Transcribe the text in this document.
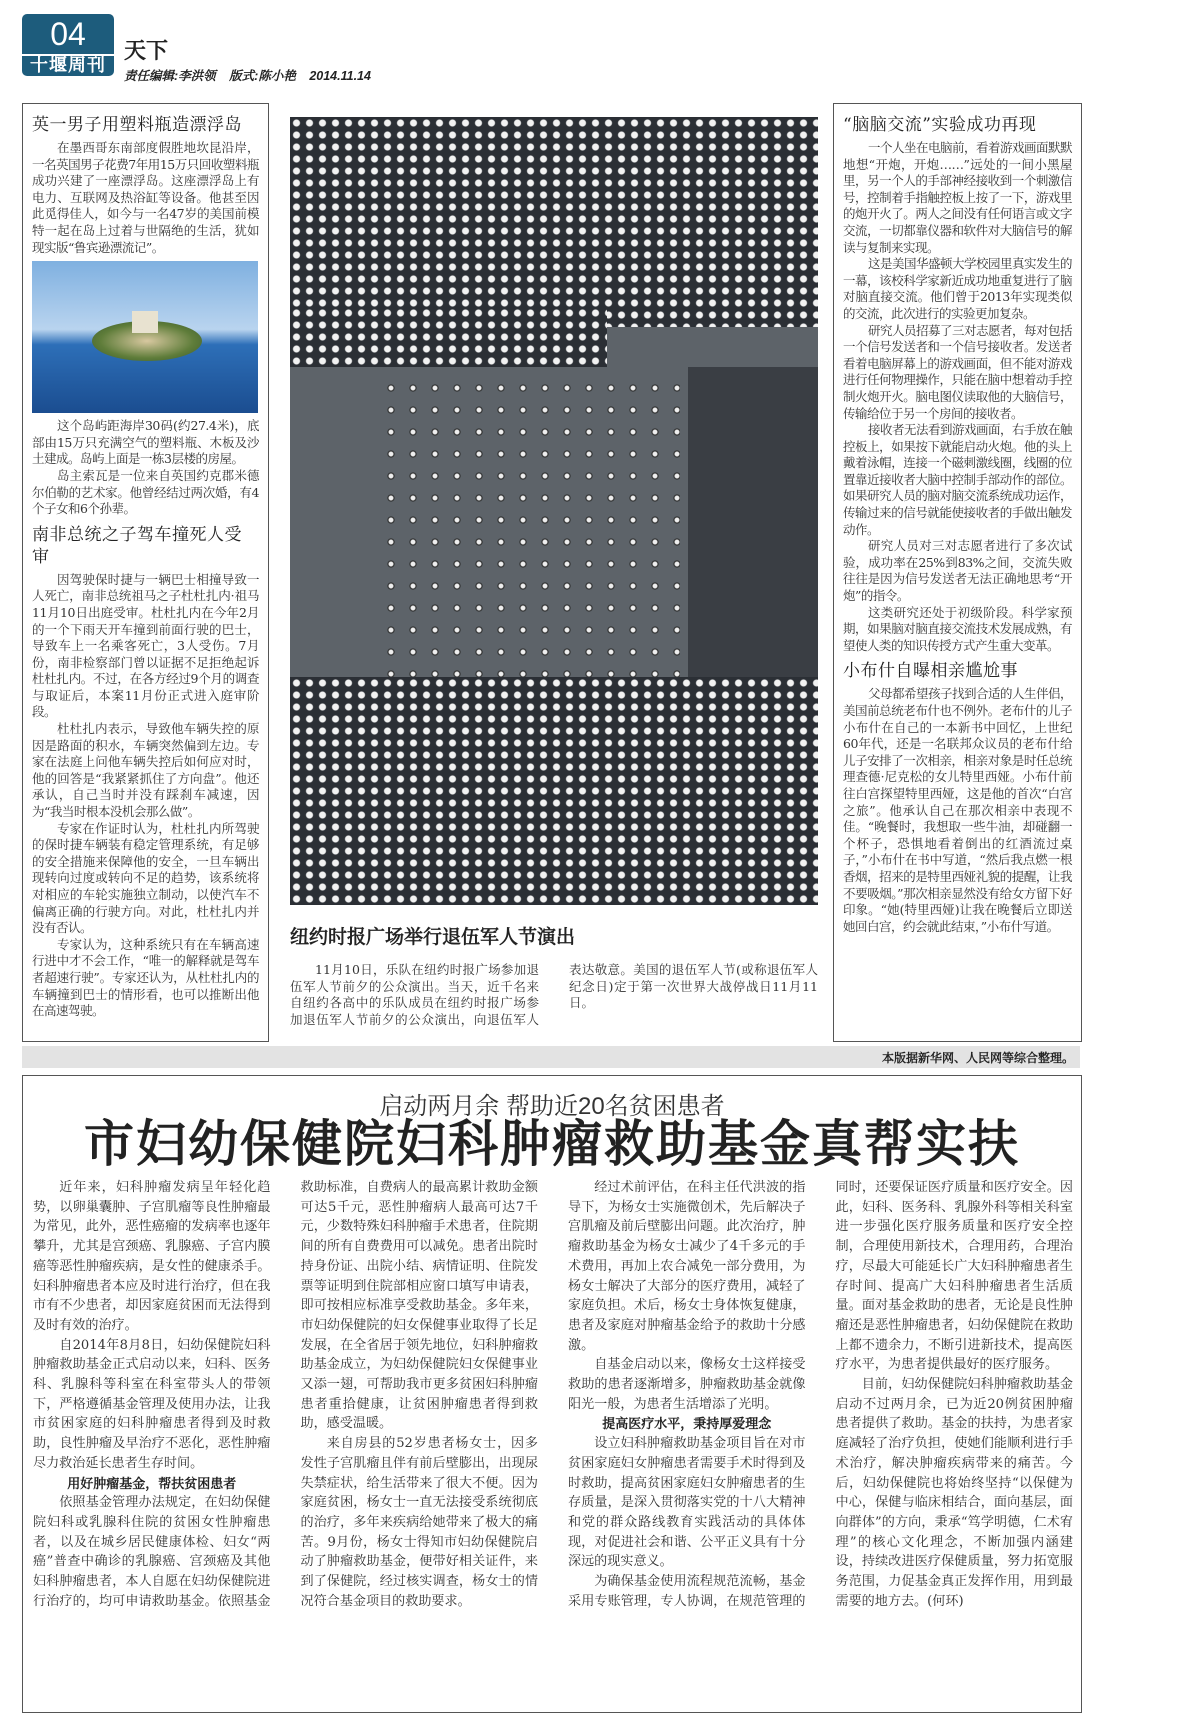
04
十堰周刊
天下
责任编辑:李洪领 版式:陈小艳 2014.11.14
英一男子用塑料瓶造漂浮岛

在墨西哥东南部度假胜地坎昆沿岸，一名英国男子花费7年用15万只回收塑料瓶成功兴建了一座漂浮岛。这座漂浮岛上有电力、互联网及热浴缸等设备。他甚至因此觅得佳人，如今与一名47岁的美国前模特一起在岛上过着与世隔绝的生活，犹如现实版“鲁宾逊漂流记”。

这个岛屿距海岸30码(约27.4米)，底部由15万只充满空气的塑料瓶、木板及沙土建成。岛屿上面是一栋3层楼的房屋。

岛主索瓦是一位来自英国约克郡米德尔伯勒的艺术家。他曾经结过两次婚，有4个子女和6个孙辈。

南非总统之子驾车撞死人受审

因驾驶保时捷与一辆巴士相撞导致一人死亡，南非总统祖马之子杜杜扎内·祖马11月10日出庭受审。杜杜扎内在今年2月的一个下雨天开车撞到前面行驶的巴士，导致车上一名乘客死亡，3人受伤。7月份，南非检察部门曾以证据不足拒绝起诉杜杜扎内。不过，在各方经过9个月的调查与取证后，本案11月份正式进入庭审阶段。

杜杜扎内表示，导致他车辆失控的原因是路面的积水，车辆突然偏到左边。专家在法庭上问他车辆失控后如何应对时，他的回答是“我紧紧抓住了方向盘”。他还承认，自己当时并没有踩刹车减速，因为“我当时根本没机会那么做”。

专家在作证时认为，杜杜扎内所驾驶的保时捷车辆装有稳定管理系统，有足够的安全措施来保障他的安全，一旦车辆出现转向过度或转向不足的趋势，该系统将对相应的车轮实施独立制动，以使汽车不偏离正确的行驶方向。对此，杜杜扎内并没有否认。

专家认为，这种系统只有在车辆高速行进中才不会工作，“唯一的解释就是驾车者超速行驶”。专家还认为，从杜杜扎内的车辆撞到巴士的情形看，也可以推断出他在高速驾驶。

纽约时报广场举行退伍军人节演出

11月10日，乐队在纽约时报广场参加退伍军人节前夕的公众演出。当天，近千名来自纽约各高中的乐队成员在纽约时报广场参加退伍军人节前夕的公众演出，向退伍军人表达敬意。美国的退伍军人节(或称退伍军人纪念日)定于第一次世界大战停战日11月11日。

“脑脑交流”实验成功再现

一个人坐在电脑前，看着游戏画面默默地想“开炮，开炮……”远处的一间小黑屋里，另一个人的手部神经接收到一个刺激信号，控制着手指触控板上按了一下，游戏里的炮开火了。两人之间没有任何语言或文字交流，一切都靠仪器和软件对大脑信号的解读与复制来实现。

这是美国华盛顿大学校园里真实发生的一幕，该校科学家新近成功地重复进行了脑对脑直接交流。他们曾于2013年实现类似的交流，此次进行的实验更加复杂。

研究人员招募了三对志愿者，每对包括一个信号发送者和一个信号接收者。发送者看着电脑屏幕上的游戏画面，但不能对游戏进行任何物理操作，只能在脑中想着动手控制火炮开火。脑电图仪读取他的大脑信号，传输给位于另一个房间的接收者。

接收者无法看到游戏画面，右手放在触控板上，如果按下就能启动火炮。他的头上戴着泳帽，连接一个磁刺激线圈，线圈的位置靠近接收者大脑中控制手部动作的部位。如果研究人员的脑对脑交流系统成功运作，传输过来的信号就能使接收者的手做出触发动作。

研究人员对三对志愿者进行了多次试验，成功率在25%到83%之间，交流失败往往是因为信号发送者无法正确地思考“开炮”的指令。

这类研究还处于初级阶段。科学家预期，如果脑对脑直接交流技术发展成熟，有望使人类的知识传授方式产生重大变革。

小布什自曝相亲尴尬事

父母都希望孩子找到合适的人生伴侣，美国前总统老布什也不例外。老布什的儿子小布什在自己的一本新书中回忆，上世纪60年代，还是一名联邦众议员的老布什给儿子安排了一次相亲，相亲对象是时任总统理查德·尼克松的女儿特里西娅。小布什前往白宫探望特里西娅，这是他的首次“白宫之旅”。他承认自己在那次相亲中表现不佳。“晚餐时，我想取一些牛油，却碰翻一个杯子，恐惧地看着倒出的红酒流过桌子，”小布什在书中写道，“然后我点燃一根香烟，招来的是特里西娅礼貌的提醒，让我不要吸烟。”那次相亲显然没有给女方留下好印象。“她(特里西娅)让我在晚餐后立即送她回白宫，约会就此结束，”小布什写道。

本版据新华网、人民网等综合整理。
启动两月余 帮助近20名贫困患者
市妇幼保健院妇科肿瘤救助基金真帮实扶

近年来，妇科肿瘤发病呈年轻化趋势，以卵巢囊肿、子宫肌瘤等良性肿瘤最为常见，此外，恶性癌瘤的发病率也逐年攀升，尤其是宫颈癌、乳腺癌、子宫内膜癌等恶性肿瘤疾病，是女性的健康杀手。妇科肿瘤患者本应及时进行治疗，但在我市有不少患者，却因家庭贫困而无法得到及时有效的治疗。

自2014年8月8日，妇幼保健院妇科肿瘤救助基金正式启动以来，妇科、医务科、乳腺科等科室在科室带头人的带领下，严格遵循基金管理及使用办法，让我市贫困家庭的妇科肿瘤患者得到及时救助，良性肿瘤及早治疗不恶化，恶性肿瘤尽力救治延长患者生存时间。

用好肿瘤基金，帮扶贫困患者

依照基金管理办法规定，在妇幼保健院妇科或乳腺科住院的贫困女性肿瘤患者，以及在城乡居民健康体检、妇女“两癌”普查中确诊的乳腺癌、宫颈癌及其他妇科肿瘤患者，本人自愿在妇幼保健院进行治疗的，均可申请救助基金。依照基金救助标准，自费病人的最高累计救助金额可达5千元，恶性肿瘤病人最高可达7千元，少数特殊妇科肿瘤手术患者，住院期间的所有自费费用可以减免。患者出院时持身份证、出院小结、病情证明、住院发票等证明到住院部相应窗口填写申请表，即可按相应标准享受救助基金。多年来，市妇幼保健院的妇女保健事业取得了长足发展，在全省居于领先地位，妇科肿瘤救助基金成立，为妇幼保健院妇女保健事业又添一翅，可帮助我市更多贫困妇科肿瘤患者重拾健康，让贫困肿瘤患者得到救助，感受温暖。

来自房县的52岁患者杨女士，因多发性子宫肌瘤且伴有前后壁膨出，出现尿失禁症状，给生活带来了很大不便。因为家庭贫困，杨女士一直无法接受系统彻底的治疗，多年来疾病给她带来了极大的痛苦。9月份，杨女士得知市妇幼保健院启动了肿瘤救助基金，便带好相关证件，来到了保健院，经过核实调查，杨女士的情况符合基金项目的救助要求。

经过术前评估，在科主任代洪波的指导下，为杨女士实施微创术，先后解决子宫肌瘤及前后壁膨出问题。此次治疗，肿瘤救助基金为杨女士减少了4千多元的手术费用，再加上农合减免一部分费用，为杨女士解决了大部分的医疗费用，减轻了家庭负担。术后，杨女士身体恢复健康，患者及家庭对肿瘤基金给予的救助十分感激。

自基金启动以来，像杨女士这样接受救助的患者逐渐增多，肿瘤救助基金就像阳光一般，为患者生活增添了光明。

提高医疗水平，秉持厚爱理念

设立妇科肿瘤救助基金项目旨在对市贫困家庭妇女肿瘤患者需要手术时得到及时救助，提高贫困家庭妇女肿瘤患者的生存质量，是深入贯彻落实党的十八大精神和党的群众路线教育实践活动的具体体现，对促进社会和谐、公平正义具有十分深远的现实意义。

为确保基金使用流程规范流畅，基金采用专账管理，专人协调，在规范管理的同时，还要保证医疗质量和医疗安全。因此，妇科、医务科、乳腺外科等相关科室进一步强化医疗服务质量和医疗安全控制，合理使用新技术，合理用药，合理治疗，尽最大可能延长广大妇科肿瘤患者生存时间、提高广大妇科肿瘤患者生活质量。面对基金救助的患者，无论是良性肿瘤还是恶性肿瘤患者，妇幼保健院在救助上都不遗余力，不断引进新技术，提高医疗水平，为患者提供最好的医疗服务。

目前，妇幼保健院妇科肿瘤救助基金启动不过两月余，已为近20例贫困肿瘤患者提供了救助。基金的扶持，为患者家庭减轻了治疗负担，使她们能顺利进行手术治疗，解决肿瘤疾病带来的痛苦。今后，妇幼保健院也将始终坚持“以保健为中心，保健与临床相结合，面向基层，面向群体”的方向，秉承“笃学明德，仁术宥理”的核心文化理念，不断加强内涵建设，持续改进医疗保健质量，努力拓宽服务范围，力促基金真正发挥作用，用到最需要的地方去。(何环)
